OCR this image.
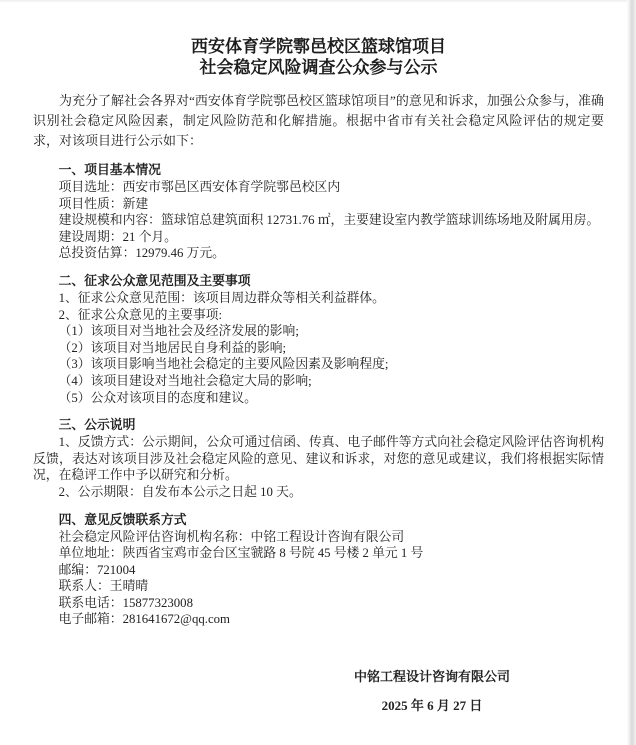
西安体育学院鄠邑校区篮球馆项目
社会稳定风险调查公众参与公示

为充分了解社会各界对“西安体育学院鄠邑校区篮球馆项目”的意见和诉求，加强公众参与，准确识别社会稳定风险因素，制定风险防范和化解措施。根据中省市有关社会稳定风险评估的规定要求，对该项目进行公示如下：

一、项目基本情况

项目选址：西安市鄠邑区西安体育学院鄠邑校区内

项目性质：新建

建设规模和内容：篮球馆总建筑面积 12731.76 ㎡，主要建设室内教学篮球训练场地及附属用房。

建设周期：21 个月。

总投资估算：12979.46 万元。

二、征求公众意见范围及主要事项

1、征求公众意见范围：该项目周边群众等相关利益群体。

2、征求公众意见的主要事项:

（1）该项目对当地社会及经济发展的影响;

（2）该项目对当地居民自身利益的影响;

（3）该项目影响当地社会稳定的主要风险因素及影响程度;

（4）该项目建设对当地社会稳定大局的影响;

（5）公众对该项目的态度和建议。

三、公示说明

1、反馈方式：公示期间，公众可通过信函、传真、电子邮件等方式向社会稳定风险评估咨询机构反馈，表达对该项目涉及社会稳定风险的意见、建议和诉求，对您的意见或建议，我们将根据实际情况，在稳评工作中予以研究和分析。

2、公示期限：自发布本公示之日起 10 天。

四、意见反馈联系方式

社会稳定风险评估咨询机构名称：中铭工程设计咨询有限公司

单位地址：陕西省宝鸡市金台区宝虢路 8 号院 45 号楼 2 单元 1 号

邮编：721004

联系人：王晴晴

联系电话：15877323008

电子邮箱：281641672@qq.com

中铭工程设计咨询有限公司
2025 年 6 月 27 日
